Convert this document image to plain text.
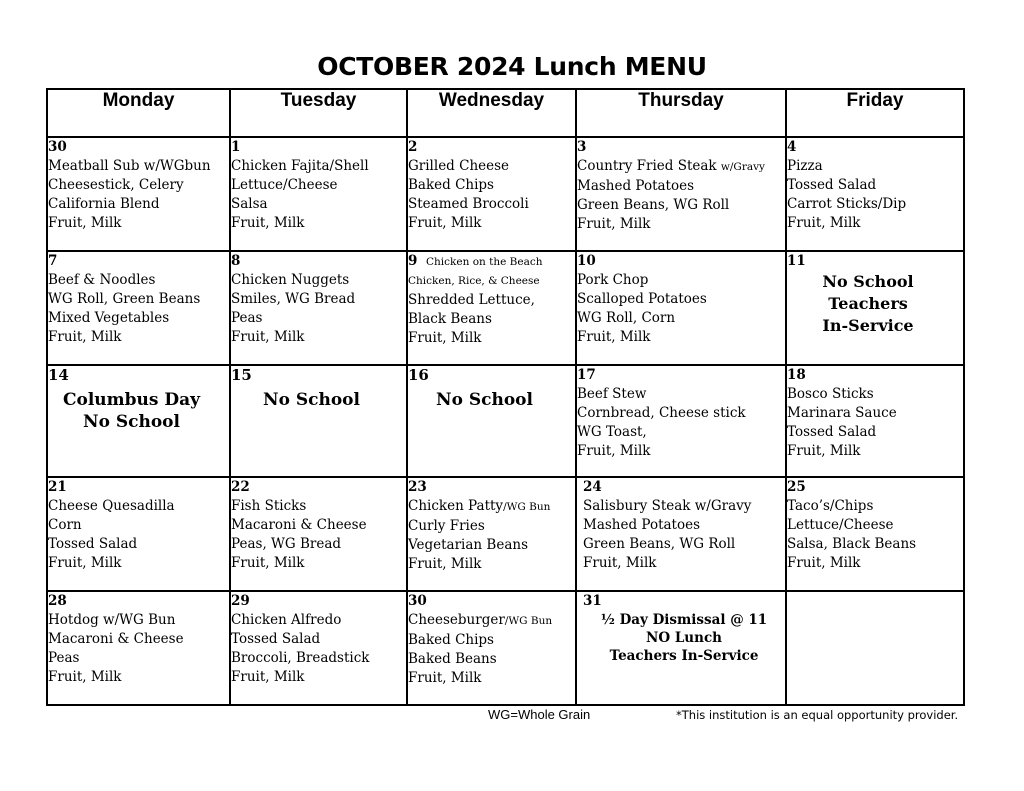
OCTOBER 2024 Lunch MENU
Monday	Tuesday	Wednesday	Thursday	Friday

30
Meatball Sub w/WGbun
Cheesestick, Celery
California Blend
Fruit, Milk	1
Chicken Fajita/Shell
Lettuce/Cheese
Salsa
Fruit, Milk	2
Grilled Cheese
Baked Chips
Steamed Broccoli
Fruit, Milk	3
Country Fried Steak w/Gravy
Mashed Potatoes
Green Beans, WG Roll
Fruit, Milk	4
Pizza
Tossed Salad
Carrot Sticks/Dip
Fruit, Milk

7
Beef & Noodles
WG Roll, Green Beans
Mixed Vegetables
Fruit, Milk	8
Chicken Nuggets
Smiles, WG Bread
Peas
Fruit, Milk	9 Chicken on the Beach
Chicken, Rice, & Cheese
Shredded Lettuce,
Black Beans
Fruit, Milk	10
Pork Chop
Scalloped Potatoes
WG Roll, Corn
Fruit, Milk	11
No School
Teachers
In-Service

14
Columbus Day
No School	15
No School	16
No School	17
Beef Stew
Cornbread, Cheese stick
WG Toast,
Fruit, Milk	18
Bosco Sticks
Marinara Sauce
Tossed Salad
Fruit, Milk

21
Cheese Quesadilla
Corn
Tossed Salad
Fruit, Milk	22
Fish Sticks
Macaroni & Cheese
Peas, WG Bread
Fruit, Milk	23
Chicken Patty/WG Bun
Curly Fries
Vegetarian Beans
Fruit, Milk	24
Salisbury Steak w/Gravy
Mashed Potatoes
Green Beans, WG Roll
Fruit, Milk	25
Taco’s/Chips
Lettuce/Cheese
Salsa, Black Beans
Fruit, Milk

28
Hotdog w/WG Bun
Macaroni & Cheese
Peas
Fruit, Milk	29
Chicken Alfredo
Tossed Salad
Broccoli, Breadstick
Fruit, Milk	30
Cheeseburger/WG Bun
Baked Chips
Baked Beans
Fruit, Milk	31
½ Day Dismissal @ 11
NO Lunch
Teachers In-Service	

WG=Whole Grain	*This institution is an equal opportunity provider.
